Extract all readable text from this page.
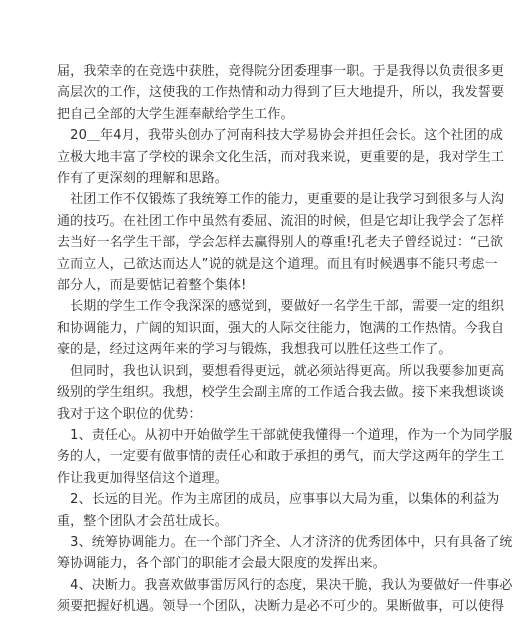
届，我荣幸的在竞选中获胜，竞得院分团委理事一职。于是我得以负责很多更
高层次的工作，这使我的工作热情和动力得到了巨大地提升，所以，我发誓要
把自己全部的大学生涯奉献给学生工作。

　20＿年4月，我带头创办了河南科技大学易协会并担任会长。这个社团的成
立极大地丰富了学校的课余文化生活，而对我来说，更重要的是，我对学生工
作有了更深刻的理解和思路。

　社团工作不仅锻炼了我统筹工作的能力，更重要的是让我学习到很多与人沟
通的技巧。在社团工作中虽然有委屈、流泪的时候，但是它却让我学会了怎样
去当好一名学生干部，学会怎样去赢得别人的尊重!孔老夫子曾经说过：“己欲
立而立人，己欲达而达人”说的就是这个道理。而且有时候遇事不能只考虑一
部分人，而是要惦记着整个集体!

　长期的学生工作令我深深的感觉到，要做好一名学生干部，需要一定的组织
和协调能力，广阔的知识面，强大的人际交往能力，饱满的工作热情。今我自
豪的是，经过这两年来的学习与锻炼，我想我可以胜任这些工作了。

　但同时，我也认识到，要想看得更远，就必须站得更高。所以我要参加更高
级别的学生组织。我想，校学生会副主席的工作适合我去做。接下来我想谈谈
我对于这个职位的优势：

　1、责任心。从初中开始做学生干部就使我懂得一个道理，作为一个为同学服
务的人，一定要有做事情的责任心和敢于承担的勇气，而大学这两年的学生工
作让我更加得坚信这个道理。

　2、长远的目光。作为主席团的成员，应事事以大局为重，以集体的利益为
重，整个团队才会茁壮成长。

　3、统筹协调能力。在一个部门齐全、人才济济的优秀团体中，只有具备了统
筹协调能力，各个部门的职能才会最大限度的发挥出来。

　4、决断力。我喜欢做事雷厉风行的态度，果决干脆，我认为要做好一件事必
须要把握好机遇。领导一个团队，决断力是必不可少的。果断做事，可以使得
